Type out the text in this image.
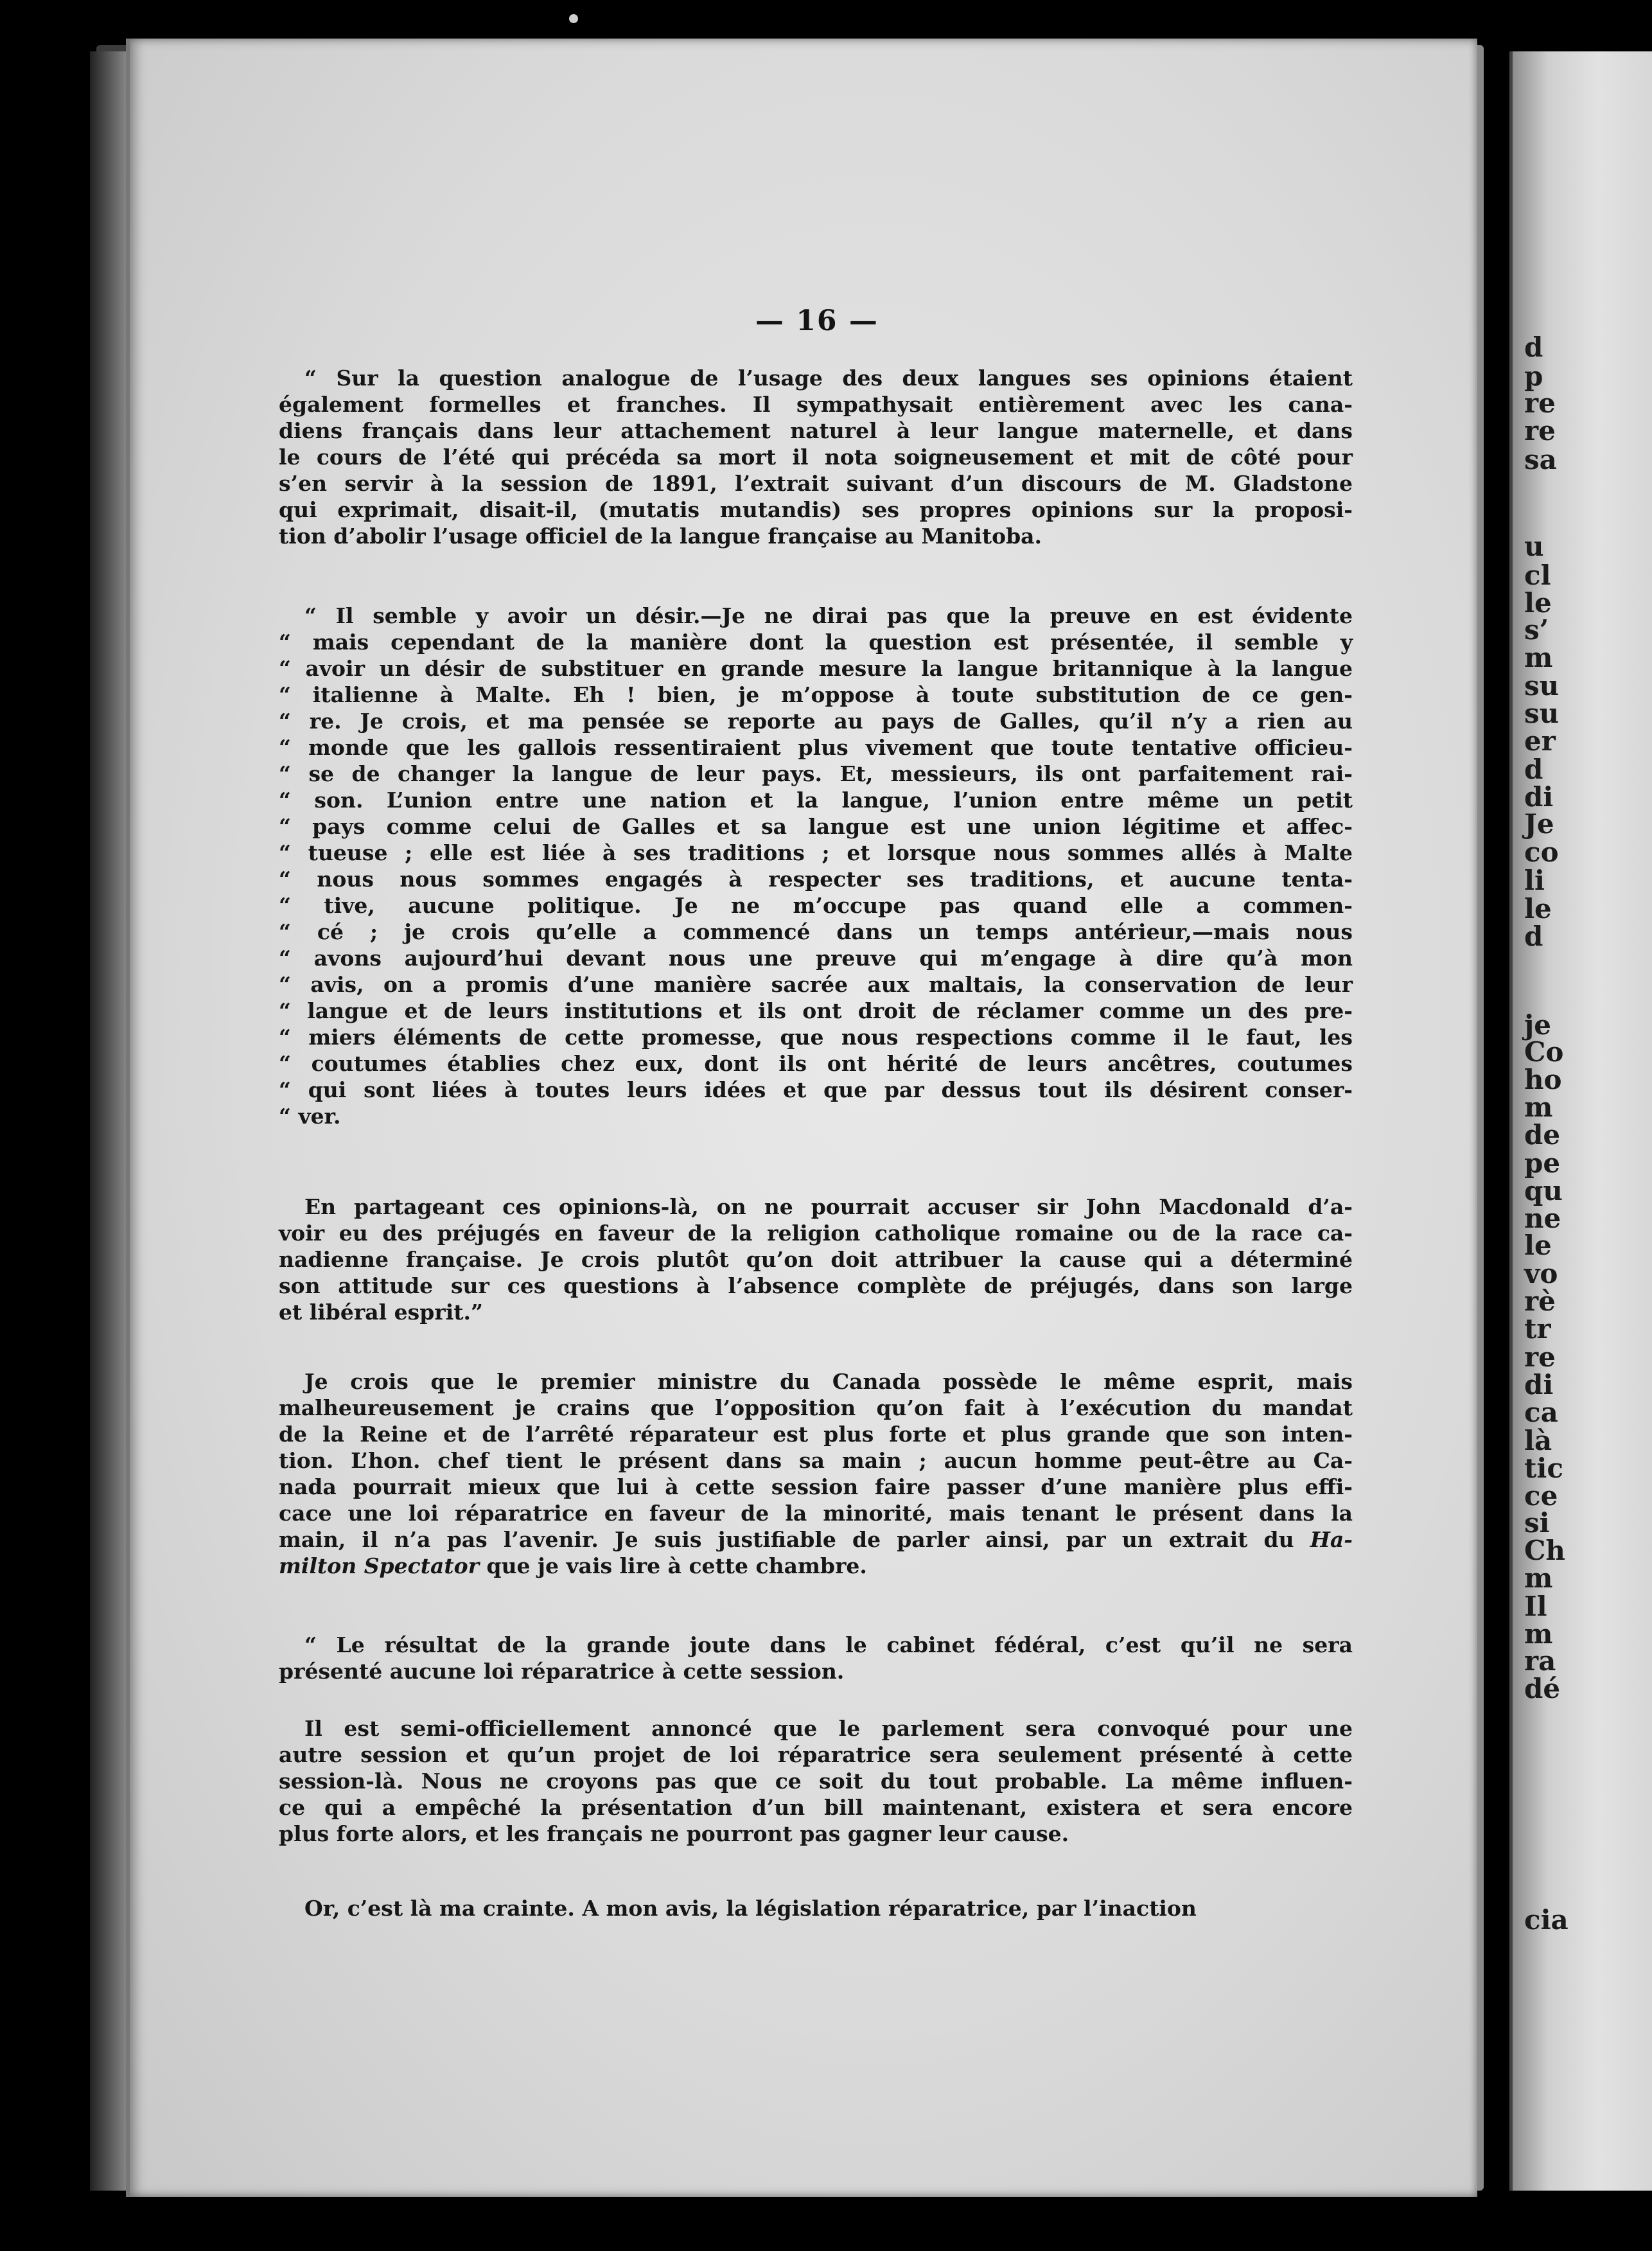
— 16 —
“ Sur la question analogue de l’usage des deux langues ses opinions étaient
également formelles et franches. Il sympathysait entièrement avec les cana-
diens français dans leur attachement naturel à leur langue maternelle, et dans
le cours de l’été qui précéda sa mort il nota soigneusement et mit de côté pour
s’en servir à la session de 1891, l’extrait suivant d’un discours de M. Gladstone
qui exprimait, disait-il, (mutatis mutandis) ses propres opinions sur la proposi-
tion d’abolir l’usage officiel de la langue française au Manitoba.
“ Il semble y avoir un désir.—Je ne dirai pas que la preuve en est évidente
“ mais cependant de la manière dont la question est présentée, il semble y
“ avoir un désir de substituer en grande mesure la langue britannique à la langue
“ italienne à Malte. Eh ! bien, je m’oppose à toute substitution de ce gen-
“ re. Je crois, et ma pensée se reporte au pays de Galles, qu’il n’y a rien au
“ monde que les gallois ressentiraient plus vivement que toute tentative officieu-
“ se de changer la langue de leur pays. Et, messieurs, ils ont parfaitement rai-
“ son. L’union entre une nation et la langue, l’union entre même un petit
“ pays comme celui de Galles et sa langue est une union légitime et affec-
“ tueuse ; elle est liée à ses traditions ; et lorsque nous sommes allés à Malte
“ nous nous sommes engagés à respecter ses traditions, et aucune tenta-
“ tive, aucune politique. Je ne m’occupe pas quand elle a commen-
“ cé ; je crois qu’elle a commencé dans un temps antérieur,—mais nous
“ avons aujourd’hui devant nous une preuve qui m’engage à dire qu’à mon
“ avis, on a promis d’une manière sacrée aux maltais, la conservation de leur
“ langue et de leurs institutions et ils ont droit de réclamer comme un des pre-
“ miers éléments de cette promesse, que nous respections comme il le faut, les
“ coutumes établies chez eux, dont ils ont hérité de leurs ancêtres, coutumes
“ qui sont liées à toutes leurs idées et que par dessus tout ils désirent conser-
“ ver.
En partageant ces opinions-là, on ne pourrait accuser sir John Macdonald d’a-
voir eu des préjugés en faveur de la religion catholique romaine ou de la race ca-
nadienne française. Je crois plutôt qu’on doit attribuer la cause qui a déterminé
son attitude sur ces questions à l’absence complète de préjugés, dans son large
et libéral esprit.”
Je crois que le premier ministre du Canada possède le même esprit, mais
malheureusement je crains que l’opposition qu’on fait à l’exécution du mandat
de la Reine et de l’arrêté réparateur est plus forte et plus grande que son inten-
tion. L’hon. chef tient le présent dans sa main ; aucun homme peut-être au Ca-
nada pourrait mieux que lui à cette session faire passer d’une manière plus effi-
cace une loi réparatrice en faveur de la minorité, mais tenant le présent dans la
main, il n’a pas l’avenir. Je suis justifiable de parler ainsi, par un extrait du Ha-
milton Spectator que je vais lire à cette chambre.
“ Le résultat de la grande joute dans le cabinet fédéral, c’est qu’il ne sera
présenté aucune loi réparatrice à cette session.
Il est semi-officiellement annoncé que le parlement sera convoqué pour une
autre session et qu’un projet de loi réparatrice sera seulement présenté à cette
session-là. Nous ne croyons pas que ce soit du tout probable. La même influen-
ce qui a empêché la présentation d’un bill maintenant, existera et sera encore
plus forte alors, et les français ne pourront pas gagner leur cause.
Or, c’est là ma crainte. A mon avis, la législation réparatrice, par l’inaction
d
p
re
re
sa
u
cl
le
s’
m
su
su
er
d
di
Je
co
li
le
d
je
Co
ho
m
de
pe
qu
ne
le
vo
rè
tr
re
di
ca
là
tic
ce
si
Ch
m
Il
m
ra
dé
cia
